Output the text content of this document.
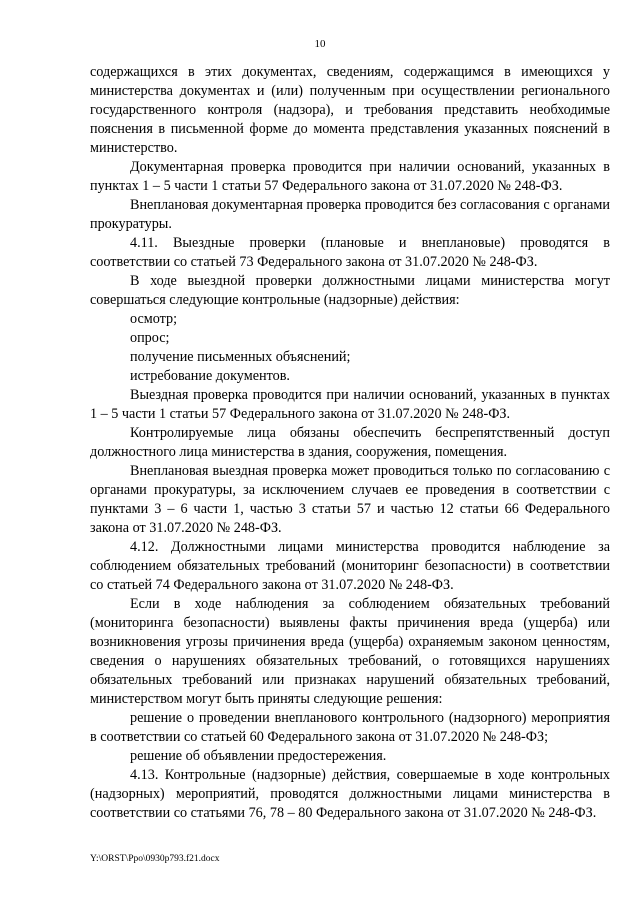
10

содержащихся в этих документах, сведениям, содержащимся в имеющихся у министерства документах и (или) полученным при осуществлении регионального государственного контроля (надзора), и требования представить необходимые пояснения в письменной форме до момента представления указанных пояснений в министерство.

Документарная проверка проводится при наличии оснований, указанных в пунктах 1 – 5 части 1 статьи 57 Федерального закона от 31.07.2020 № 248-ФЗ.

Внеплановая документарная проверка проводится без согласования с органами прокуратуры.

4.11. Выездные проверки (плановые и внеплановые) проводятся в соответствии со статьей 73 Федерального закона от 31.07.2020 № 248-ФЗ.

В ходе выездной проверки должностными лицами министерства могут совершаться следующие контрольные (надзорные) действия:

осмотр;

опрос;

получение письменных объяснений;

истребование документов.

Выездная проверка проводится при наличии оснований, указанных в пунктах 1 – 5 части 1 статьи 57 Федерального закона от 31.07.2020 № 248-ФЗ.

Контролируемые лица обязаны обеспечить беспрепятственный доступ должностного лица министерства в здания, сооружения, помещения.

Внеплановая выездная проверка может проводиться только по согласованию с органами прокуратуры, за исключением случаев ее проведения в соответствии с пунктами 3 – 6 части 1, частью 3 статьи 57 и частью 12 статьи 66 Федерального закона от 31.07.2020 № 248-ФЗ.

4.12. Должностными лицами министерства проводится наблюдение за соблюдением обязательных требований (мониторинг безопасности) в соответствии со статьей 74 Федерального закона от 31.07.2020 № 248-ФЗ.

Если в ходе наблюдения за соблюдением обязательных требований (мониторинга безопасности) выявлены факты причинения вреда (ущерба) или возникновения угрозы причинения вреда (ущерба) охраняемым законом ценностям, сведения о нарушениях обязательных требований, о готовящихся нарушениях обязательных требований или признаках нарушений обязательных требований, министерством могут быть приняты следующие решения:

решение о проведении внепланового контрольного (надзорного) мероприятия в соответствии со статьей 60 Федерального закона от 31.07.2020 № 248-ФЗ;

решение об объявлении предостережения.

4.13. Контрольные (надзорные) действия, совершаемые в ходе контрольных (надзорных) мероприятий, проводятся должностными лицами министерства в соответствии со статьями 76, 78 – 80 Федерального закона от 31.07.2020 № 248-ФЗ.

Y:\ORST\Ppo\0930p793.f21.docx
